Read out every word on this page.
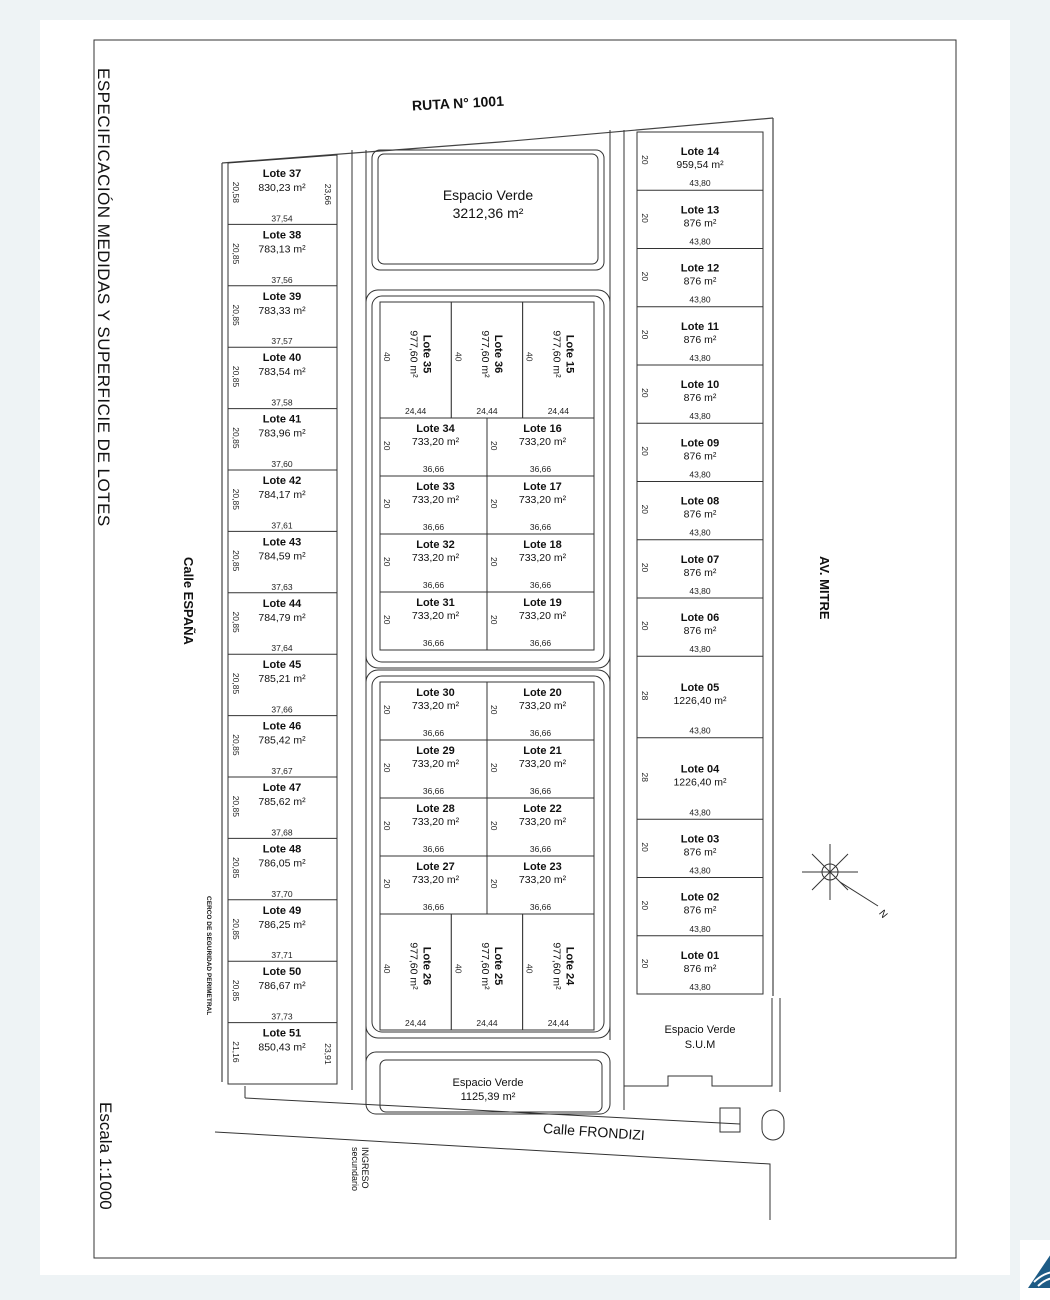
ESPECIFICACIÓN MEDIDAS Y SUPERFICIE DE LOTES
Escala 1:1000
RUTA N° 1001
Calle ESPAÑA	AV. MITRE
Calle FRONDIZI
INGRESO
secundario
CERCO DE SEGURIDAD PERIMETRAL
Lote 37
830,23 m²
20,58	23,66
37,54
Lote 38
783,13 m²
20,85
37,56
Lote 39
783,33 m²
20,85
37,57
Lote 40
783,54 m²
20,85
37,58
Lote 41
783,96 m²
20,85
37,60
Lote 42
784,17 m²
20,85
37,61
Lote 43
784,59 m²
20,85
37,63
Lote 44
784,79 m²
20,85
37,64
Lote 45
785,21 m²
20,85
37,66
Lote 46
785,42 m²
20,85
37,67
Lote 47
785,62 m²
20,85
37,68
Lote 48
786,05 m²
20,85
37,70
Lote 49
786,25 m²
20,85
37,71
Lote 50
786,67 m²
20,85
37,73
Lote 51
850,43 m²
21,16	23,91
Espacio Verde
3212,36 m²
Lote 35
977,60 m²
40
24,44
Lote 36
977,60 m²
40
24,44
Lote 15
977,60 m²
40
24,44
Lote 34
733,20 m²
20
36,66
Lote 16
733,20 m²
20
36,66
Lote 33
733,20 m²
20
36,66
Lote 17
733,20 m²
20
36,66
Lote 32
733,20 m²
20
36,66
Lote 18
733,20 m²
20
36,66
Lote 31
733,20 m²
20
36,66
Lote 19
733,20 m²
20
36,66
Lote 30
733,20 m²
20
36,66
Lote 20
733,20 m²
20
36,66
Lote 29
733,20 m²
20
36,66
Lote 21
733,20 m²
20
36,66
Lote 28
733,20 m²
20
36,66
Lote 22
733,20 m²
20
36,66
Lote 27
733,20 m²
20
36,66
Lote 23
733,20 m²
20
36,66
Lote 26
977,60 m²
40
24,44
Lote 25
977,60 m²
40
24,44
Lote 24
977,60 m²
40
24,44
Espacio Verde
1125,39 m²
Lote 14
959,54 m²
20
43,80
Lote 13
876 m²
20
43,80
Lote 12
876 m²
20
43,80
Lote 11
876 m²
20
43,80
Lote 10
876 m²
20
43,80
Lote 09
876 m²
20
43,80
Lote 08
876 m²
20
43,80
Lote 07
876 m²
20
43,80
Lote 06
876 m²
20
43,80
Lote 05
1226,40 m²
28
43,80
Lote 04
1226,40 m²
28
43,80
Lote 03
876 m²
20
43,80
Lote 02
876 m²
20
43,80
Lote 01
876 m²
20
43,80
Espacio Verde
S.U.M
N
